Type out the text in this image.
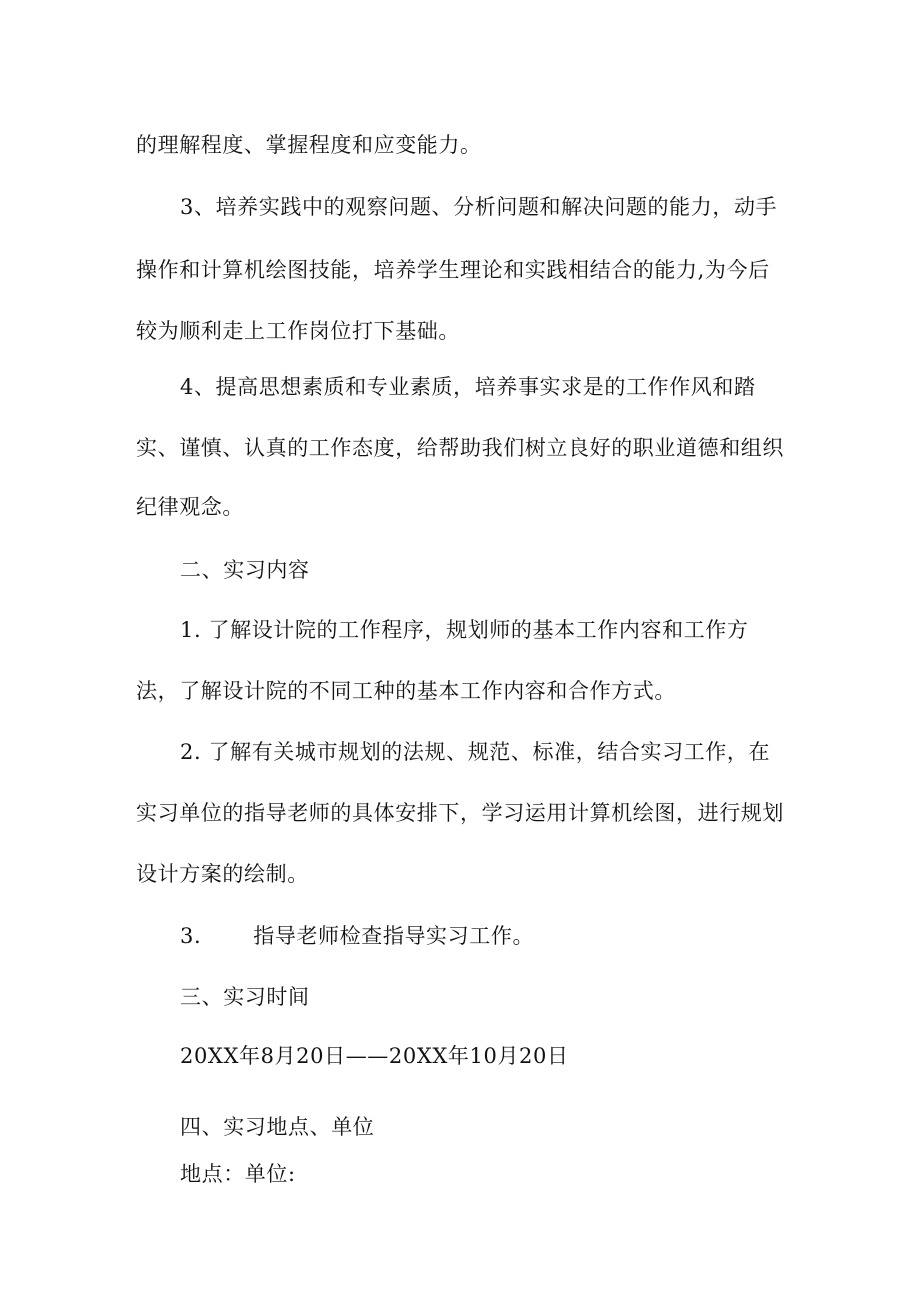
的理解程度、掌握程度和应变能力。
3、培养实践中的观察问题、分析问题和解决问题的能力，动手
操作和计算机绘图技能，培养学生理论和实践相结合的能力,为今后
较为顺利走上工作岗位打下基础。
4、提高思想素质和专业素质，培养事实求是的工作作风和踏
实、谨慎、认真的工作态度，给帮助我们树立良好的职业道德和组织
纪律观念。
二、实习内容
1. 了解设计院的工作程序，规划师的基本工作内容和工作方
法，了解设计院的不同工种的基本工作内容和合作方式。
2. 了解有关城市规划的法规、规范、标准，结合实习工作，在
实习单位的指导老师的具体安排下，学习运用计算机绘图，进行规划
设计方案的绘制。
3. 指导老师检查指导实习工作。
三、实习时间
20XX年8月20日——20XX年10月20日
四、实习地点、单位
地点：单位:
